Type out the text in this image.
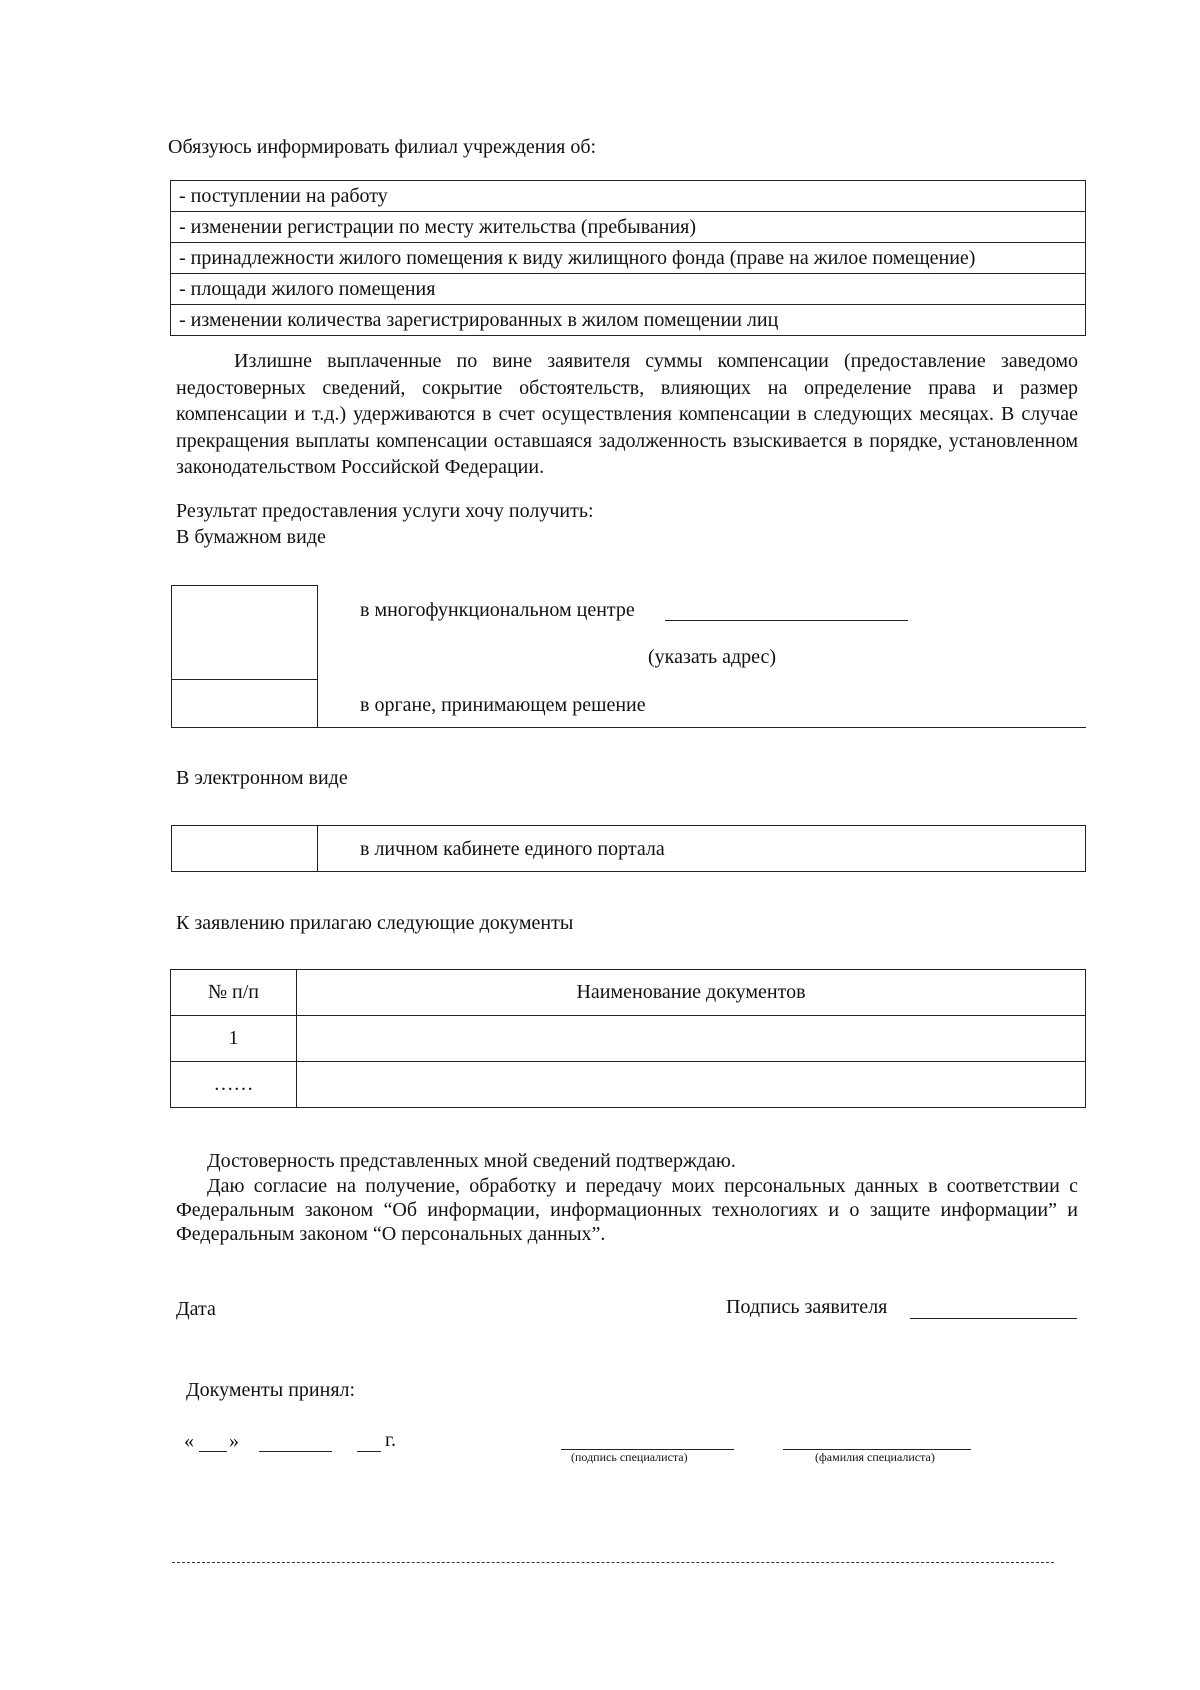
Обязуюсь информировать филиал учреждения об:
- поступлении на работу
- изменении регистрации по месту жительства (пребывания)
- принадлежности жилого помещения к виду жилищного фонда (праве на жилое помещение)
- площади жилого помещения
- изменении количества зарегистрированных в жилом помещении лиц
Излишне выплаченные по вине заявителя суммы компенсации (предоставление заведомо недостоверных сведений, сокрытие обстоятельств, влияющих на определение права и размер компенсации и т.д.) удерживаются в счет осуществления компенсации в следующих месяцах. В случае прекращения выплаты компенсации оставшаяся задолженность взыскивается в порядке, установленном законодательством Российской Федерации.
Результат предоставления услуги хочу получить:
В бумажном виде
в многофункциональном центре
(указать адрес)
в органе, принимающем решение
В электронном виде
в личном кабинете единого портала
К заявлению прилагаю следующие документы
№ п/п	Наименование документов
1	
……	
Достоверность представленных мной сведений подтверждаю.
Даю согласие на получение, обработку и передачу моих персональных данных в соответствии с Федеральным законом “Об информации, информационных технологиях и о защите информации” и Федеральным законом “О персональных данных”.
Дата	Подпись заявителя
Документы принял:
« »	г.
(подпись специалиста)	(фамилия специалиста)
